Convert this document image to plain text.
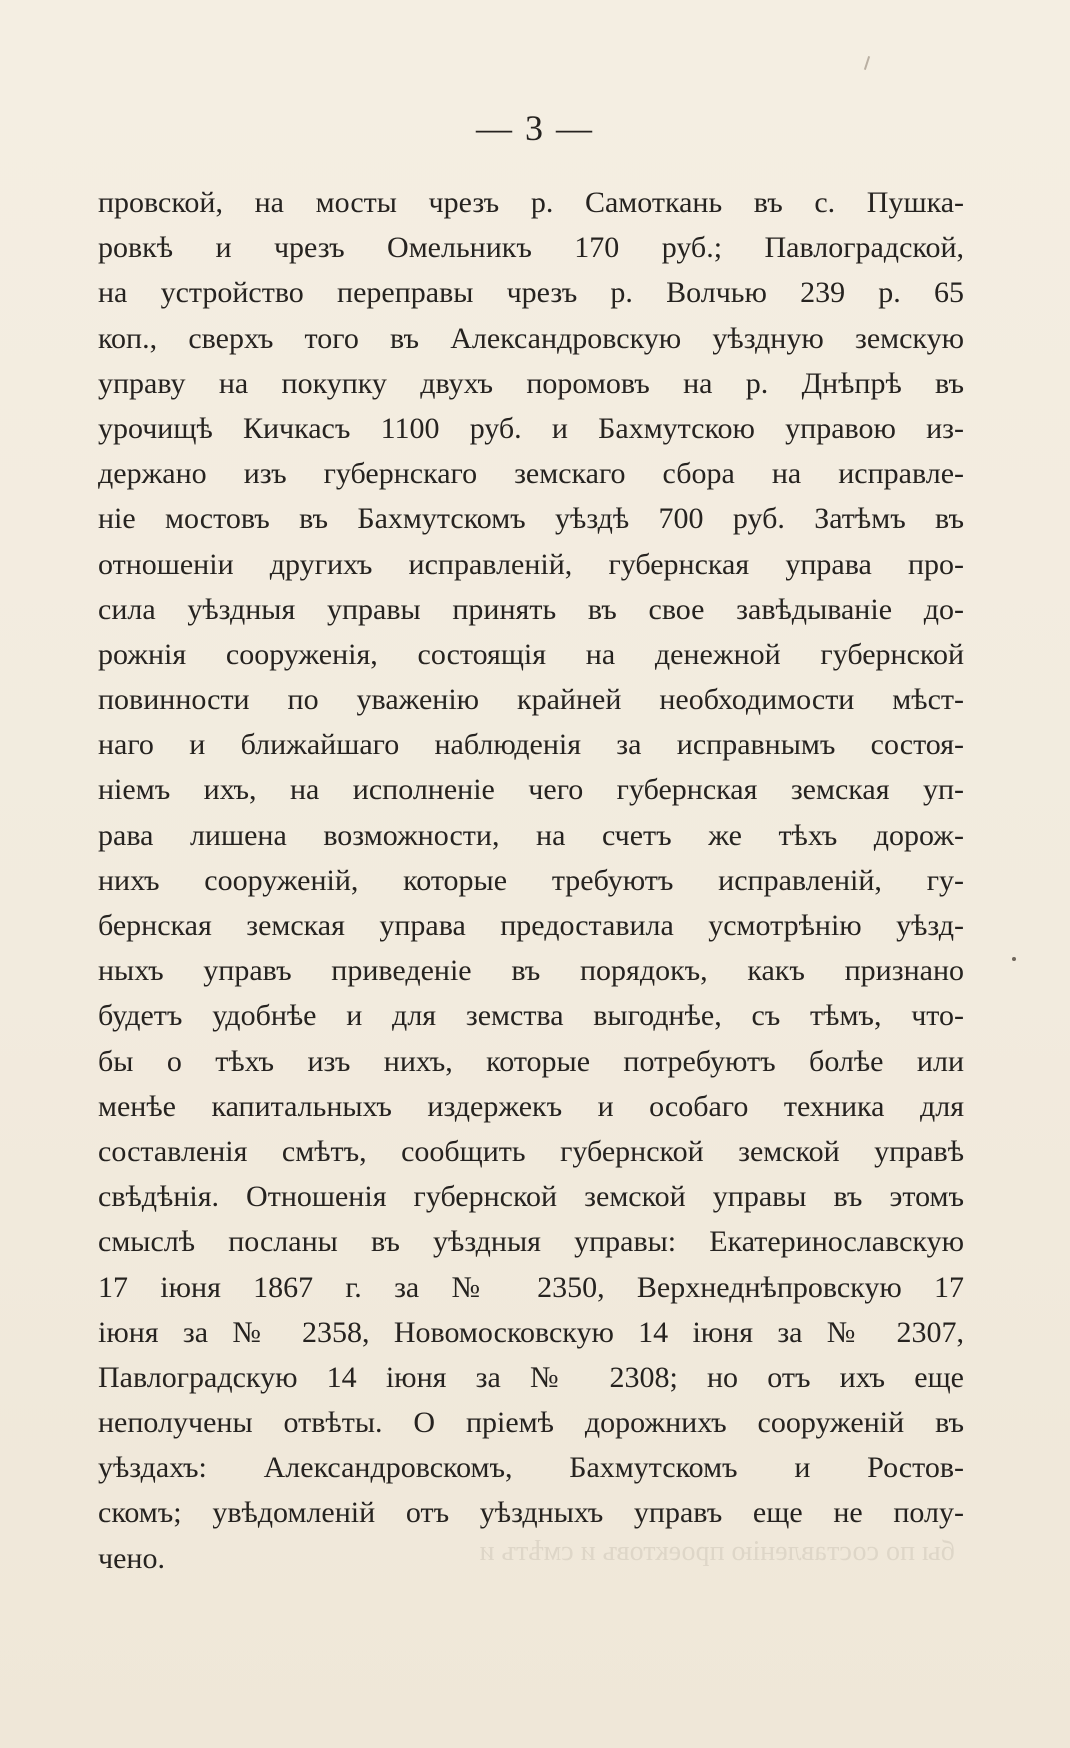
— 3 —
провской, на мосты чрезъ р. Самоткань въ с. Пушка-
ровкѣ и чрезъ Омельникъ 170 руб.; Павлоградской,
на устройство переправы чрезъ р. Волчью 239 р. 65
коп., сверхъ того въ Александровскую уѣздную земскую
управу на покупку двухъ поромовъ на р. Днѣпрѣ въ
урочищѣ Кичкасъ 1100 руб. и Бахмутскою управою из-
держано изъ губернскаго земскаго сбора на исправле-
ніе мостовъ въ Бахмутскомъ уѣздѣ 700 руб. Затѣмъ въ
отношеніи другихъ исправленій, губернская управа про-
сила уѣздныя управы принять въ свое завѣдываніе до-
рожнія сооруженія, состоящія на денежной губернской
повинности по уваженію крайней необходимости мѣст-
наго и ближайшаго наблюденія за исправнымъ состоя-
ніемъ ихъ, на исполненіе чего губернская земская уп-
рава лишена возможности, на счетъ же тѣхъ дорож-
нихъ сооруженій, которые требуютъ исправленій, гу-
бернская земская управа предоставила усмотрѣнію уѣзд-
ныхъ управъ приведеніе въ порядокъ, какъ признано
будетъ удобнѣе и для земства выгоднѣе, съ тѣмъ, что-
бы о тѣхъ изъ нихъ, которые потребуютъ болѣе или
менѣе капитальныхъ издержекъ и особаго техника для
составленія смѣтъ, сообщить губернской земской управѣ
свѣдѣнія. Отношенія губернской земской управы въ этомъ
смыслѣ посланы въ уѣздныя управы: Екатеринославскую
17 іюня 1867 г. за № 2350, Верхнеднѣпровскую 17
іюня за № 2358, Новомосковскую 14 іюня за № 2307,
Павлоградскую 14 іюня за № 2308; но отъ ихъ еще
неполучены отвѣты. О пріемѣ дорожнихъ сооруженій въ
уѣздахъ: Александровскомъ, Бахмутскомъ и Ростов-
скомъ; увѣдомленій отъ уѣздныхъ управъ еще не полу-
чено.	бы по составленію проектовъ и смѣтъ и
